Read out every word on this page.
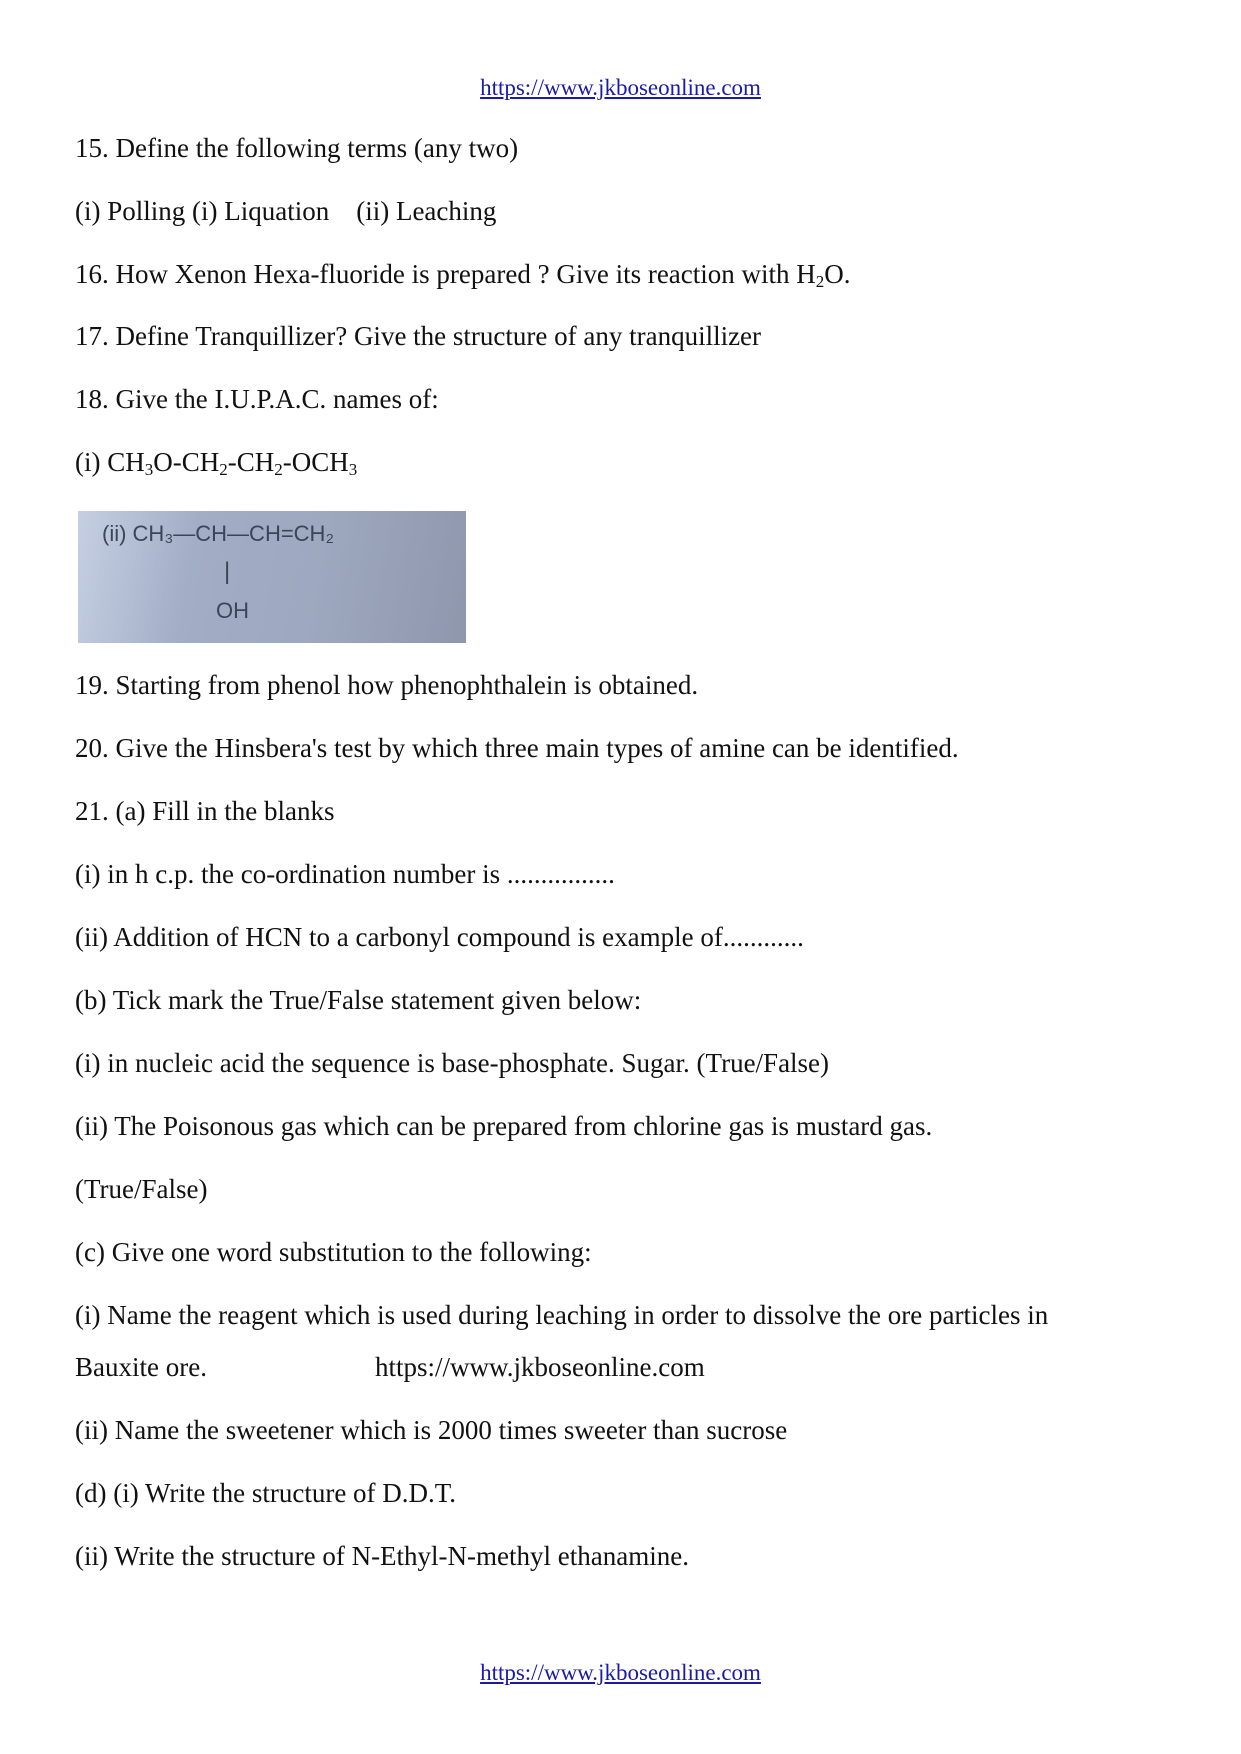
https://www.jkboseonline.com
15. Define the following terms (any two)
(i) Polling (i) Liquation    (ii) Leaching
16. How Xenon Hexa-fluoride is prepared ? Give its reaction with $H_2O$.
17. Define Tranquillizer? Give the structure of any tranquillizer
18. Give the I.U.P.A.C. names of:
(i) $CH_3O-CH_2-CH_2-OCH_3$
(ii) CH₃—CH—CH=CH₂
|
OH
19. Starting from phenol how phenophthalein is obtained.
20. Give the Hinsbera's test by which three main types of amine can be identified.
21. (a) Fill in the blanks
(i) in h c.p. the co-ordination number is ................
(ii) Addition of HCN to a carbonyl compound is example of............
(b) Tick mark the True/False statement given below:
(i) in nucleic acid the sequence is base-phosphate. Sugar. (True/False)
(ii) The Poisonous gas which can be prepared from chlorine gas is mustard gas.
(True/False)
(c) Give one word substitution to the following:
(i) Name the reagent which is used during leaching in order to dissolve the ore particles in
Bauxite ore.	https://www.jkboseonline.com
(ii) Name the sweetener which is 2000 times sweeter than sucrose
(d) (i) Write the structure of D.D.T.
(ii) Write the structure of N-Ethyl-N-methyl ethanamine.
https://www.jkboseonline.com
